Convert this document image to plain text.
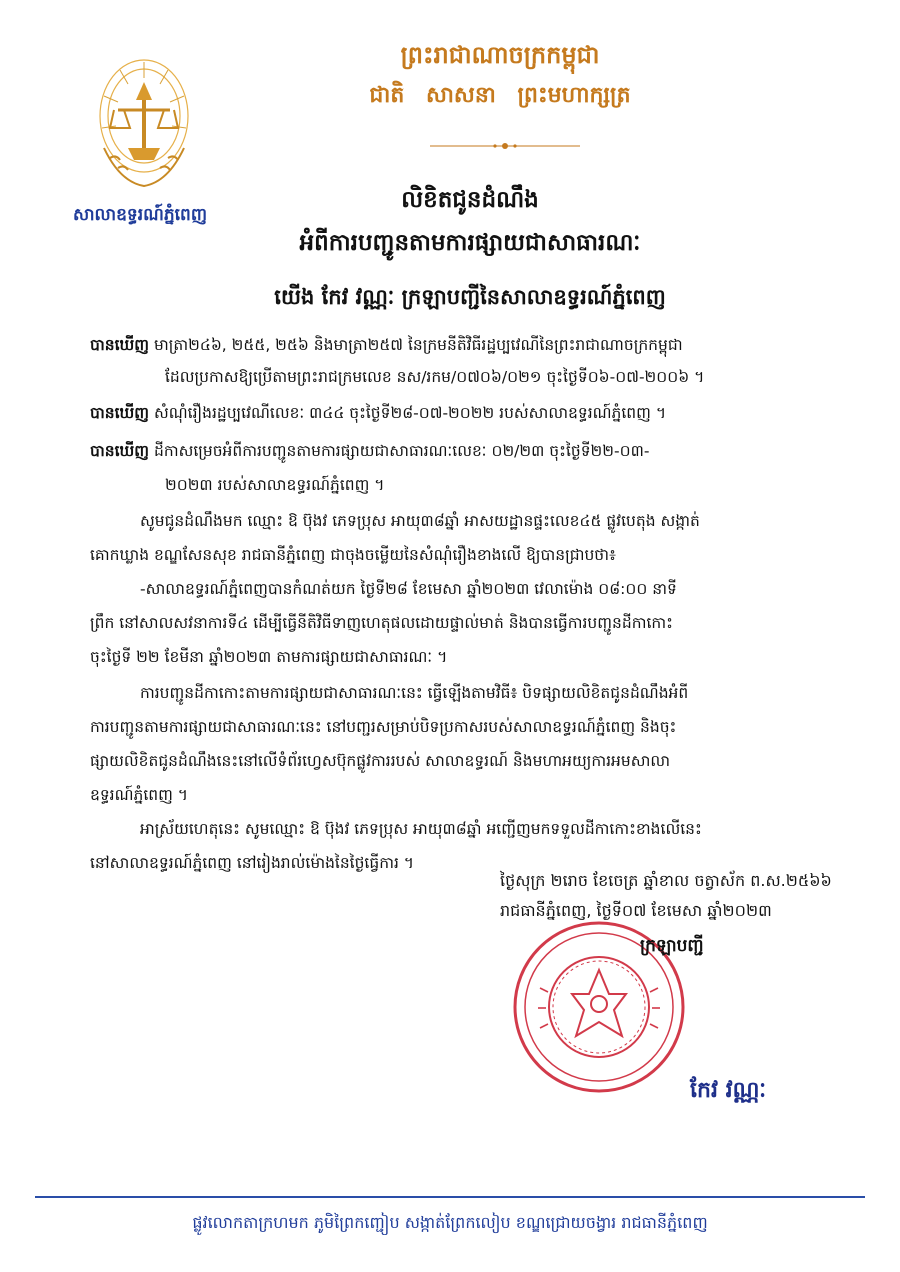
សាលាឧទ្ធរណ៍ភ្នំពេញ
ព្រះរាជាណាចក្រកម្ពុជា
ជាតិ សាសនា ព្រះមហាក្សត្រ
លិខិតជូនដំណឹង
អំពីការបញ្ជូនតាមការផ្សាយជាសាធារណៈ
យើង កែវ វណ្ណៈ ក្រឡាបញ្ជីនៃសាលាឧទ្ធរណ៍ភ្នំពេញ
បានឃើញ មាត្រា២៤៦, ២៥៥, ២៥៦ និងមាត្រា២៥៧ នៃក្រមនីតិវិធីរដ្ឋប្បវេណីនៃព្រះរាជាណាចក្រកម្ពុជា
ដែលប្រកាសឱ្យប្រើតាមព្រះរាជក្រមលេខ នស/រកម/០៧០៦/០២១ ចុះថ្ងៃទី០៦-០៧-២០០៦ ។
បានឃើញ សំណុំរឿងរដ្ឋប្បវេណីលេខៈ ៣៤៤ ចុះថ្ងៃទី២៨-០៧-២០២២ របស់សាលាឧទ្ធរណ៍ភ្នំពេញ ។
បានឃើញ ដីកាសម្រេចអំពីការបញ្ជូនតាមការផ្សាយជាសាធារណៈលេខៈ ០២/២៣ ចុះថ្ងៃទី២២-០៣-
២០២៣ របស់សាលាឧទ្ធរណ៍ភ្នំពេញ ។
សូមជូនដំណឹងមក ឈ្មោះ ឱ ប៊ុងវ ភេទប្រុស អាយុ៣៨ឆ្នាំ អាសយដ្ឋានផ្ទះលេខ៤៥ ផ្លូវបេតុង សង្កាត់
គោកឃ្លាង ខណ្ឌសែនសុខ រាជធានីភ្នំពេញ ជាចុងចម្លើយនៃសំណុំរឿងខាងលើ ឱ្យបានជ្រាបថា៖
-សាលាឧទ្ធរណ៍ភ្នំពេញបានកំណត់យក ថ្ងៃទី២៨ ខែមេសា ឆ្នាំ២០២៣ វេលាម៉ោង ០៨:០០ នាទី
ព្រឹក នៅសាលសវនាការទី៤ ដើម្បីធ្វើនីតិវិធីទាញហេតុផលដោយផ្ទាល់មាត់ និងបានធ្វើការបញ្ជូនដីកាកោះ
ចុះថ្ងៃទី ២២ ខែមីនា ឆ្នាំ២០២៣ តាមការផ្សាយជាសាធារណៈ ។
ការបញ្ជូនដីកាកោះតាមការផ្សាយជាសាធារណៈនេះ ធ្វើឡើងតាមវិធី៖ បិទផ្សាយលិខិតជូនដំណឹងអំពី
ការបញ្ជូនតាមការផ្សាយជាសាធារណៈនេះ នៅបញ្ជរសម្រាប់បិទប្រកាសរបស់សាលាឧទ្ធរណ៍ភ្នំពេញ និងចុះ
ផ្សាយលិខិតជូនដំណឹងនេះនៅលើទំព័រហ្វេសប៊ុកផ្លូវការរបស់ សាលាឧទ្ធរណ៍ និងមហាអយ្យការអមសាលា
ឧទ្ធរណ៍ភ្នំពេញ ។
អាស្រ័យហេតុនេះ សូមឈ្មោះ ឱ ប៊ុងវ ភេទប្រុស អាយុ៣៨ឆ្នាំ អញ្ជើញមកទទួលដីកាកោះខាងលើនេះ
នៅសាលាឧទ្ធរណ៍ភ្នំពេញ នៅរៀងរាល់ម៉ោងនៃថ្ងៃធ្វើការ ។
ថ្ងៃសុក្រ ២រោច ខែចេត្រ ឆ្នាំខាល ចត្វាស័ក ព.ស.២៥៦៦
រាជធានីភ្នំពេញ, ថ្ងៃទី០៧ ខែមេសា ឆ្នាំ២០២៣
ក្រឡាបញ្ជី
កែវ វណ្ណៈ
ផ្លូវលោកតាក្រហមក ភូមិព្រៃកញ្ជៀប សង្កាត់ព្រែកលៀប ខណ្ឌជ្រោយចង្វារ រាជធានីភ្នំពេញ
